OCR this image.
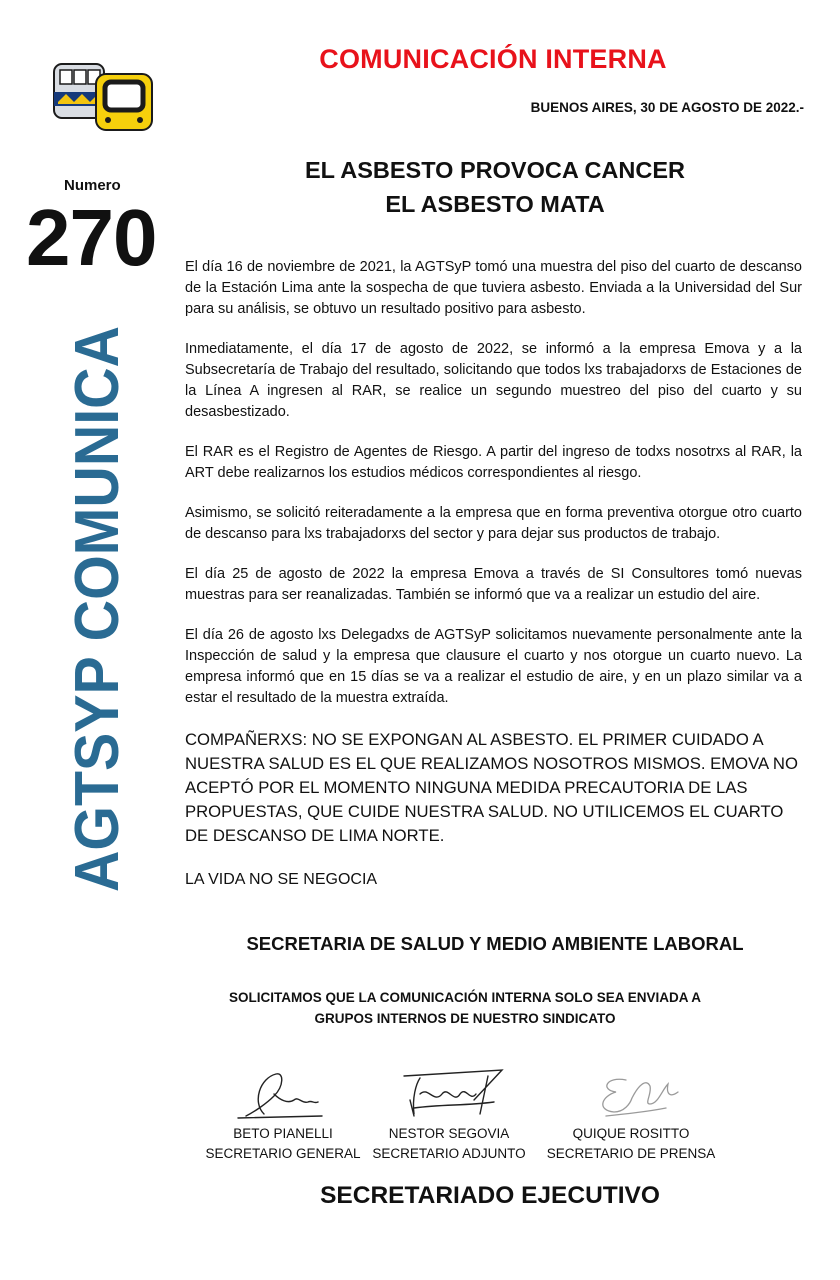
COMUNICACIÓN INTERNA
BUENOS AIRES, 30 DE AGOSTO DE 2022.-
Numero
270
AGTSYP COMUNICA
EL ASBESTO PROVOCA CANCER
EL ASBESTO MATA

El día 16 de noviembre de 2021, la AGTSyP tomó una muestra del piso del cuarto de descanso de la Estación Lima ante la sospecha de que tuviera asbesto. Enviada a la Universidad del Sur para su análisis, se obtuvo un resultado positivo para asbesto.

Inmediatamente, el día 17 de agosto de 2022, se informó a la empresa Emova y a la Subsecretaría de Trabajo del resultado, solicitando que todos lxs trabajadorxs de Estaciones de la Línea A ingresen al RAR, se realice un segundo muestreo del piso del cuarto y su desasbestizado.

El RAR es el Registro de Agentes de Riesgo. A partir del ingreso de todxs nosotrxs al RAR, la ART debe realizarnos los estudios médicos correspondientes al riesgo.

Asimismo, se solicitó reiteradamente a la empresa que en forma preventiva otorgue otro cuarto de descanso para lxs trabajadorxs del sector y para dejar sus productos de trabajo.

El día 25 de agosto de 2022 la empresa Emova a través de SI Consultores tomó nuevas muestras para ser reanalizadas. También se informó que va a realizar un estudio del aire.

El día 26 de agosto lxs Delegadxs de AGTSyP solicitamos nuevamente personalmente ante la Inspección de salud y la empresa que clausure el cuarto y nos otorgue un cuarto nuevo. La empresa informó que en 15 días se va a realizar el estudio de aire, y en un plazo similar va a estar el resultado de la muestra extraída.

COMPAÑERXS: NO SE EXPONGAN AL ASBESTO. EL PRIMER CUIDADO A NUESTRA SALUD ES EL QUE REALIZAMOS NOSOTROS MISMOS. EMOVA NO ACEPTÓ POR EL MOMENTO NINGUNA MEDIDA PRECAUTORIA DE LAS PROPUESTAS, QUE CUIDE NUESTRA SALUD. NO UTILICEMOS EL CUARTO DE DESCANSO DE LIMA NORTE.

LA VIDA NO SE NEGOCIA

SECRETARIA DE SALUD Y MEDIO AMBIENTE LABORAL
SOLICITAMOS QUE LA COMUNICACIÓN INTERNA SOLO SEA ENVIADA A
GRUPOS INTERNOS DE NUESTRO SINDICATO
BETO PIANELLI
SECRETARIO GENERAL
NESTOR SEGOVIA
SECRETARIO ADJUNTO
QUIQUE ROSITTO
SECRETARIO DE PRENSA
SECRETARIADO EJECUTIVO
